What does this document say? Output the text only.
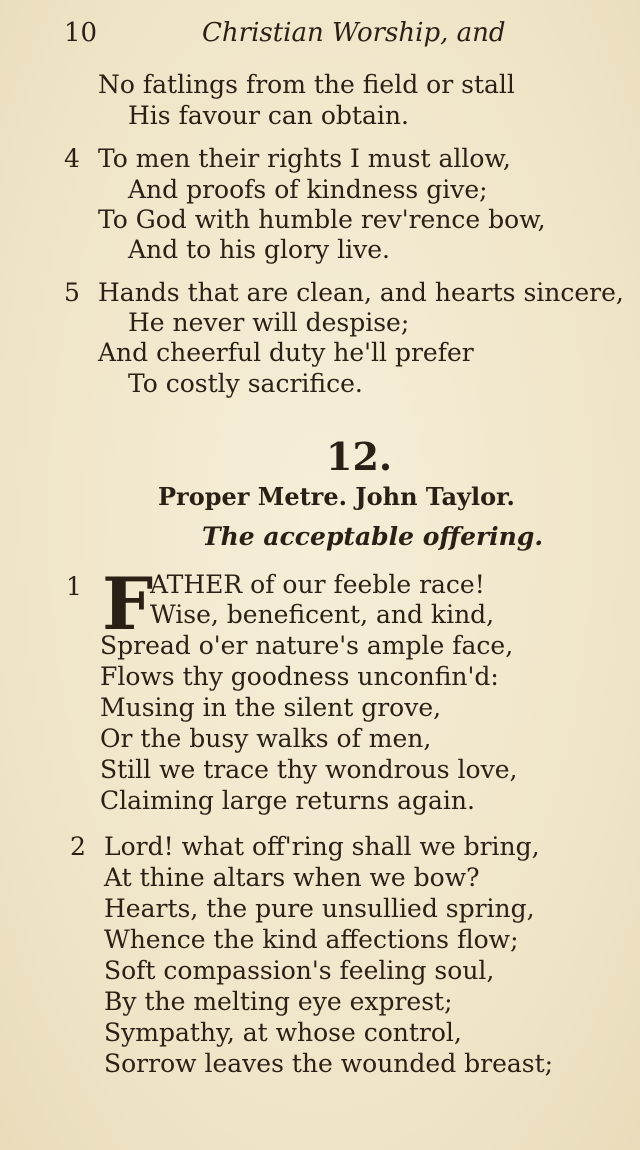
10	Christian Worship, and
No fatlings from the field or stall
His favour can obtain.
4 To men their rights I must allow,
And proofs of kindness give;
To God with humble rev'rence bow,
And to his glory live.
5 Hands that are clean, and hearts sincere,
He never will despise;
And cheerful duty he'll prefer
To costly sacrifice.
12.
Proper Metre. John Taylor.
The acceptable offering.
1 F
ATHER of our feeble race!
Wise, beneficent, and kind,
Spread o'er nature's ample face,
Flows thy goodness unconfin'd:
Musing in the silent grove,
Or the busy walks of men,
Still we trace thy wondrous love,
Claiming large returns again.
2 Lord! what off'ring shall we bring,
At thine altars when we bow?
Hearts, the pure unsullied spring,
Whence the kind affections flow;
Soft compassion's feeling soul,
By the melting eye exprest;
Sympathy, at whose control,
Sorrow leaves the wounded breast;
